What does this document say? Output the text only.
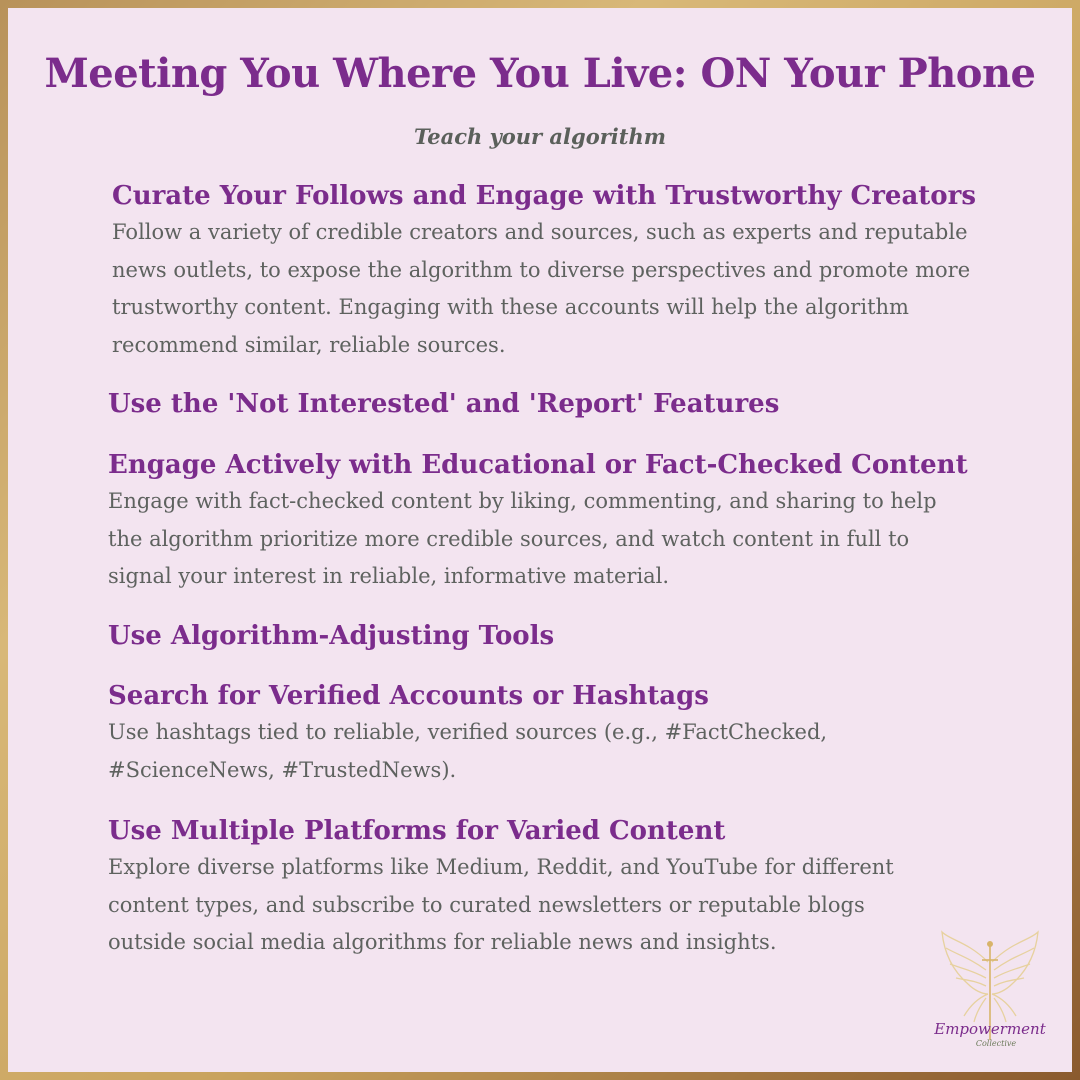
Meeting You Where You Live: ON Your Phone

Teach your algorithm

Curate Your Follows and Engage with Trustworthy Creators

Follow a variety of credible creators and sources, such as experts and reputable news outlets, to expose the algorithm to diverse perspectives and promote more trustworthy content. Engaging with these accounts will help the algorithm recommend similar, reliable sources.

Use the 'Not Interested' and 'Report' Features
Engage Actively with Educational or Fact-Checked Content

Engage with fact-checked content by liking, commenting, and sharing to help the algorithm prioritize more credible sources, and watch content in full to signal your interest in reliable, informative material.

Use Algorithm-Adjusting Tools
Search for Verified Accounts or Hashtags

Use hashtags tied to reliable, verified sources (e.g., #FactChecked, #ScienceNews, #TrustedNews).

Use Multiple Platforms for Varied Content

Explore diverse platforms like Medium, Reddit, and YouTube for different content types, and subscribe to curated newsletters or reputable blogs outside social media algorithms for reliable news and insights.

Empowerment
Collective
